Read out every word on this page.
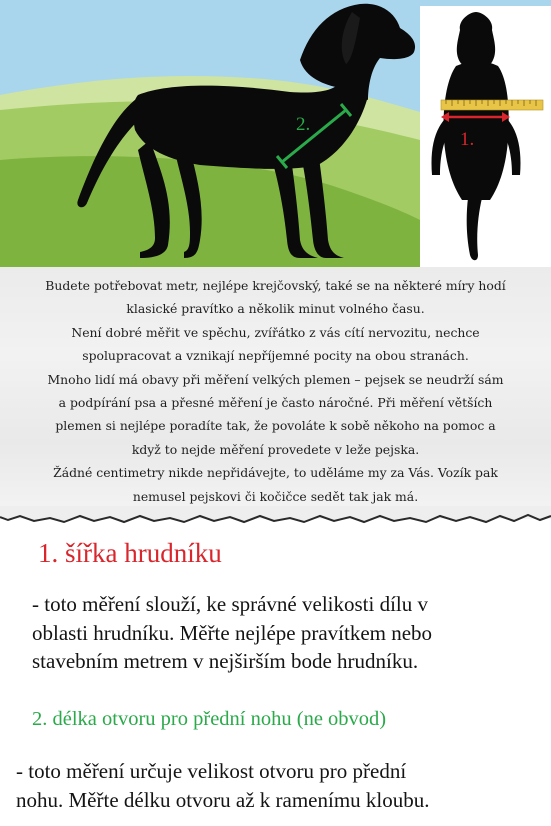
2.
1.

Budete potřebovat metr, nejlépe krejčovský, také se na některé míry hodí
klasické pravítko a několik minut volného času.
Není dobré měřit ve spěchu, zvířátko z vás cítí nervozitu, nechce
spolupracovat a vznikají nepříjemné pocity na obou stranách.
Mnoho lidí má obavy při měření velkých plemen – pejsek se neudrží sám
a podpírání psa a přesné měření je často náročné. Při měření větších
plemen si nejlépe poradíte tak, že povoláte k sobě někoho na pomoc a
když to nejde měření provedete v leže pejska.
Žádné centimetry nikde nepřidávejte, to uděláme my za Vás. Vozík pak
nemusel pejskovi či kočičce sedět tak jak má.

1. šířka hrudníku
- toto měření slouží, ke správné velikosti dílu v
oblasti hrudníku. Měřte nejlépe pravítkem nebo
stavebním metrem v nejširším bode hrudníku.
2. délka otvoru pro přední nohu (ne obvod)
- toto měření určuje velikost otvoru pro přední
nohu. Měřte délku otvoru až k ramenímu kloubu.
